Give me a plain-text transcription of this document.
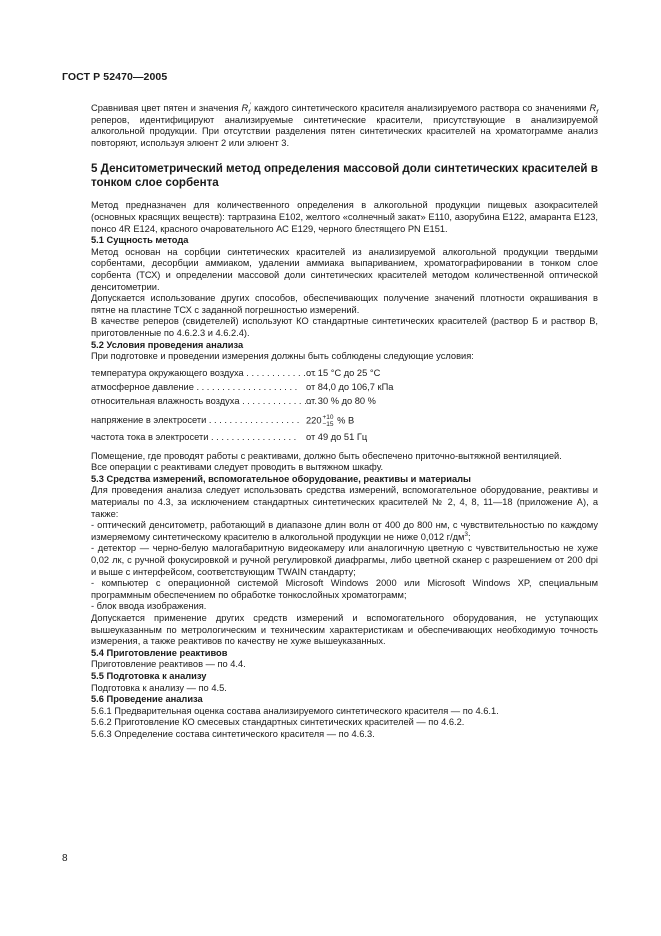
ГОСТ Р 52470—2005

Сравнивая цвет пятен и значения $R_f'$ каждого синтетического красителя анализируемого раствора со значениями $R_f$ реперов, идентифицируют анализируемые синтетические красители, присутствующие в анализируемой алкогольной продукции. При отсутствии разделения пятен синтетических красителей на хроматограмме анализ повторяют, используя элюент 2 или элюент 3.

5 Денситометрический метод определения массовой доли синтетических красителей в тонком слое сорбента

Метод предназначен для количественного определения в алкогольной продукции пищевых азокрасителей (основных красящих веществ): тартразина Е102, желтого «солнечный закат» Е110, азорубина Е122, амаранта Е123, понсо 4R Е124, красного очаровательного АС Е129, черного блестящего PN Е151.

5.1 Сущность метода

Метод основан на сорбции синтетических красителей из анализируемой алкогольной продукции твердыми сорбентами, десорбции аммиаком, удалении аммиака выпариванием, хроматографировании в тонком слое сорбента (ТСХ) и определении массовой доли синтетических красителей методом количественной оптической денситометрии.

Допускается использование других способов, обеспечивающих получение значений плотности окрашивания в пятне на пластине ТСХ с заданной погрешностью измерений.

В качестве реперов (свидетелей) используют КО стандартные синтетических красителей (раствор Б и раствор В, приготовленные по 4.6.2.3 и 4.6.2.4).

5.2 Условия проведения анализа

При подготовке и проведении измерения должны быть соблюдены следующие условия:

температура окружающего воздуха . . . . . . . . . . . . . .
от 15 °С до 25 °С
атмосферное давление . . . . . . . . . . . . . . . . . . . . от 84,0 до 106,7 кПа
относительная влажность воздуха . . . . . . . . . . . . . . .
от 30 % до 80 %
напряжение в электросети . . . . . . . . . . . . . . . . . . 220 +10
−15 % В
частота тока в электросети . . . . . . . . . . . . . . . . .	от 49 до 51 Гц

Помещение, где проводят работы с реактивами, должно быть обеспечено приточно-вытяжной вентиляцией.

Все операции с реактивами следует проводить в вытяжном шкафу.

5.3 Средства измерений, вспомогательное оборудование, реактивы и материалы

Для проведения анализа следует использовать средства измерений, вспомогательное оборудование, реактивы и материалы по 4.3, за исключением стандартных синтетических красителей № 2, 4, 8, 11—18 (приложение А), а также:

- оптический денситометр, работающий в диапазоне длин волн от 400 до 800 нм, с чувствительностью по каждому измеряемому синтетическому красителю в алкогольной продукции не ниже 0,012 $г/дм^3$;

- детектор — черно-белую малогабаритную видеокамеру или аналогичную цветную с чувствительностью не хуже 0,02 лк, с ручной фокусировкой и ручной регулировкой диафрагмы, либо цветной сканер с разрешением от 200 dpi и выше с интерфейсом, соответствующим TWAIN стандарту;

- компьютер с операционной системой Microsoft Windows 2000 или Microsoft Windows XP, специальным программным обеспечением по обработке тонкослойных хроматограмм;

- блок ввода изображения.

Допускается применение других средств измерений и вспомогательного оборудования, не уступающих вышеуказанным по метрологическим и техническим характеристикам и обеспечивающих необходимую точность измерения, а также реактивов по качеству не хуже вышеуказанных.

5.4 Приготовление реактивов

Приготовление реактивов — по 4.4.

5.5 Подготовка к анализу

Подготовка к анализу — по 4.5.

5.6 Проведение анализа

5.6.1 Предварительная оценка состава анализируемого синтетического красителя — по 4.6.1.

5.6.2 Приготовление КО смесевых стандартных синтетических красителей — по 4.6.2.

5.6.3 Определение состава синтетического красителя — по 4.6.3.

8
